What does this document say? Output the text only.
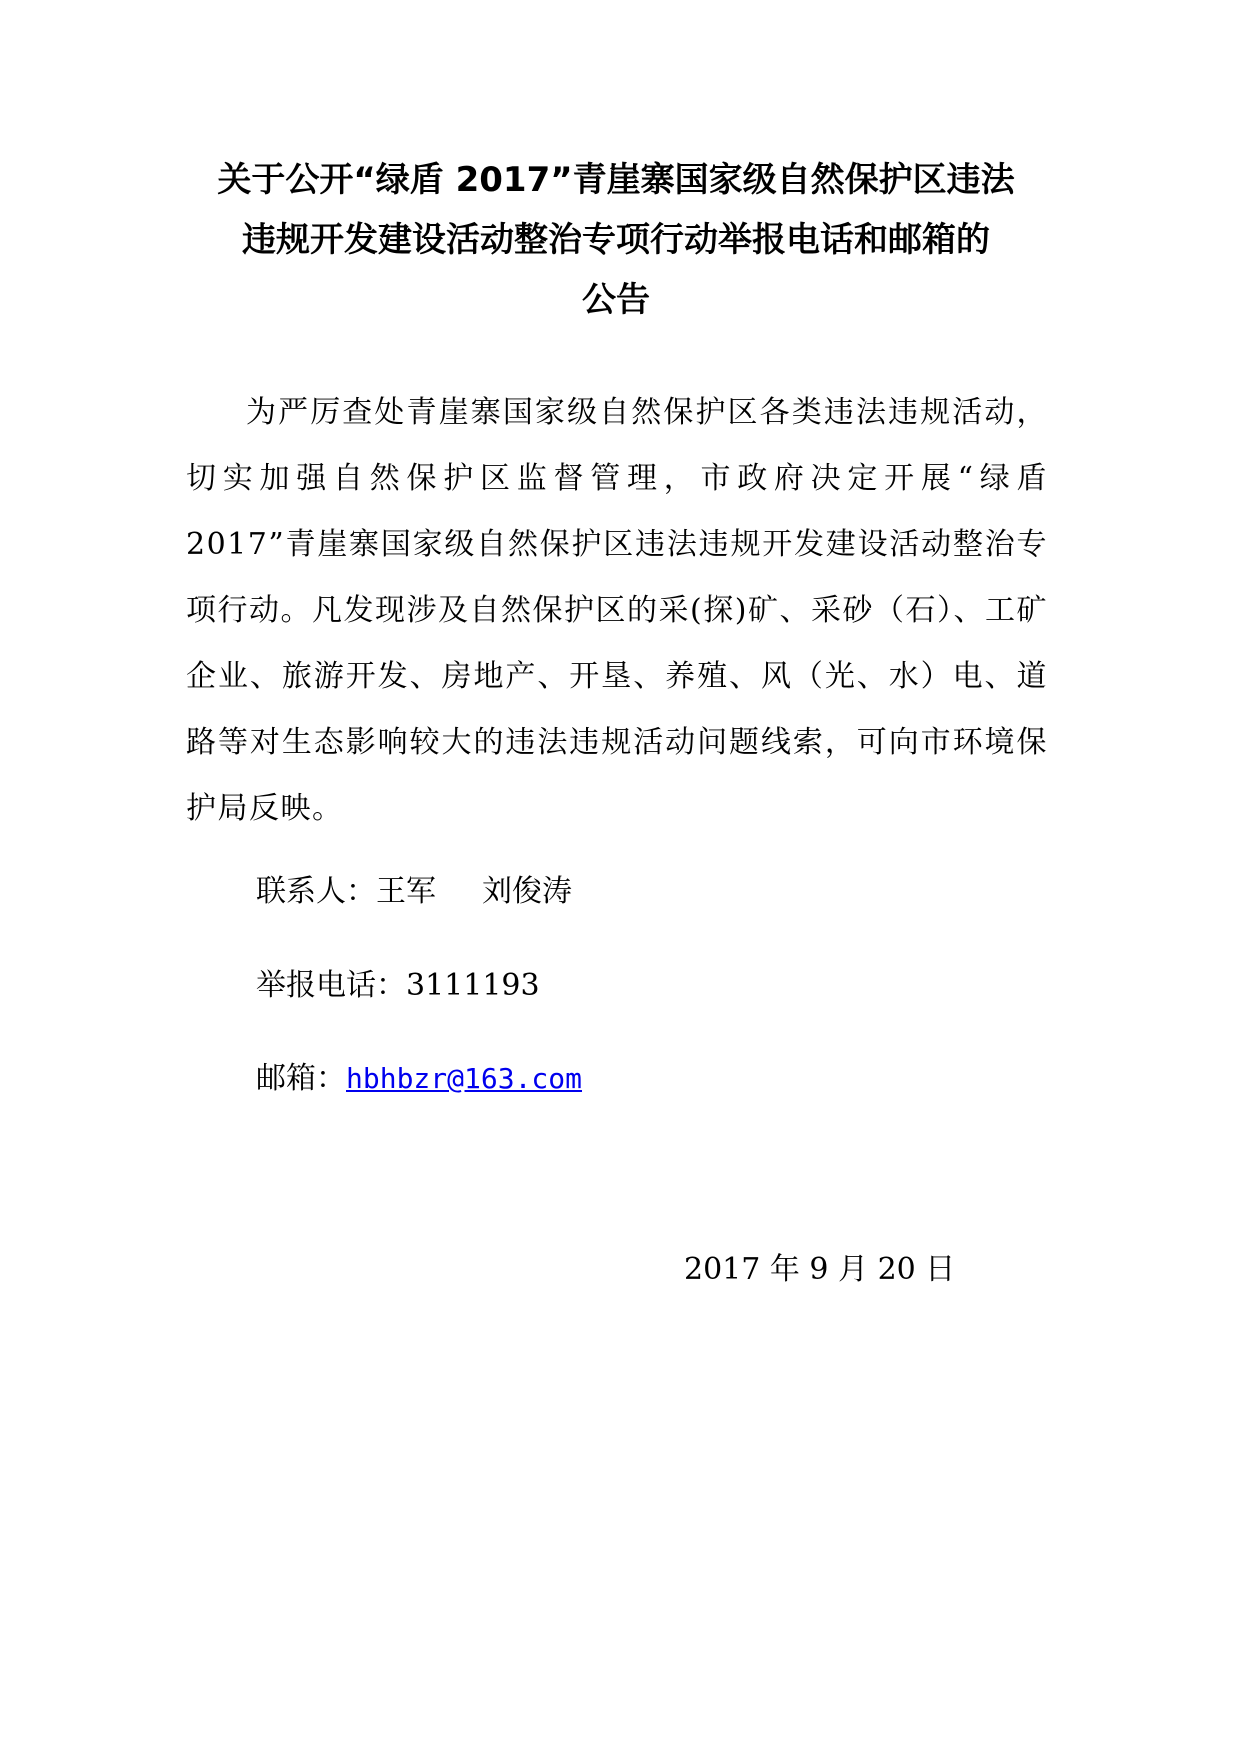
关于公开“绿盾 2017”青崖寨国家级自然保护区违法
违规开发建设活动整治专项行动举报电话和邮箱的
公告

为严厉查处青崖寨国家级自然保护区各类违法违规活动，切实加强自然保护区监督管理，市政府决定开展“绿盾2017”青崖寨国家级自然保护区违法违规开发建设活动整治专项行动。凡发现涉及自然保护区的采(探)矿、采砂（石）、工矿企业、旅游开发、房地产、开垦、养殖、风（光、水）电、道路等对生态影响较大的违法违规活动问题线索，可向市环境保护局反映。

联系人：王军 刘俊涛

举报电话：3111193

邮箱：hbhbzr@163.com

2017 年 9 月 20 日
